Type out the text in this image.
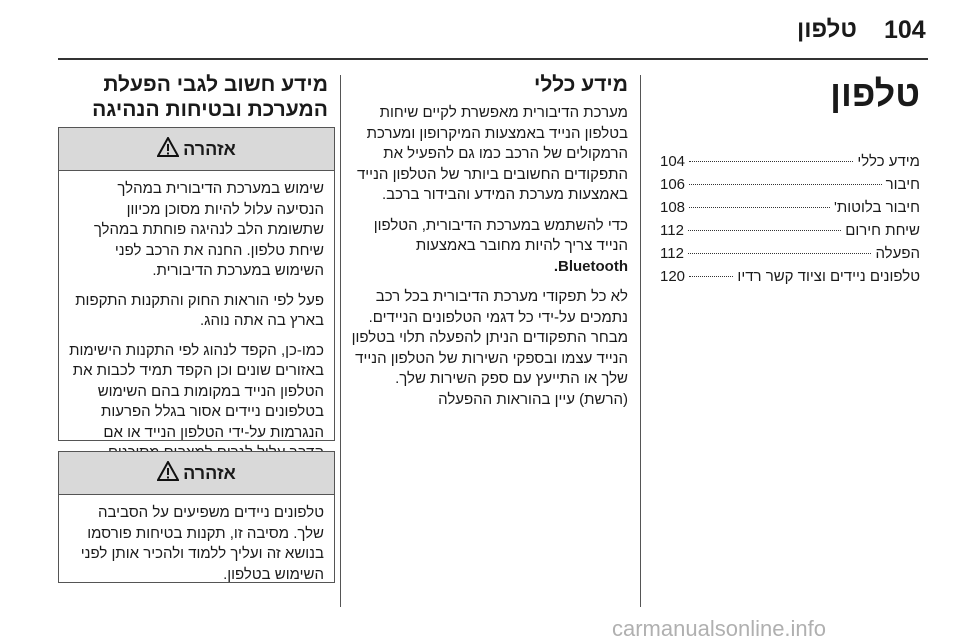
104
טלפון
טלפון
מידע כללי
104
חיבור
106
חיבור בלוטות'
108
שיחת חירום
112
הפעלה
112
טלפונים ניידים וציוד קשר רדיו
120
מידע כללי

מערכת הדיבורית מאפשרת לקיים שיחות בטלפון הנייד באמצעות המיקרופון ומערכת הרמקולים של הרכב כמו גם להפעיל את התפקודים החשובים ביותר של הטלפון הנייד באמצעות מערכת המידע והבידור ברכב.

כדי להשתמש במערכת הדיבורית, הטלפון הנייד צריך להיות מחובר באמצעות Bluetooth.

לא כל תפקודי מערכת הדיבורית בכל רכב נתמכים על-ידי כל דגמי הטלפונים הניידים. מבחר התפקודים הניתן להפעלה תלוי בטלפון הנייד עצמו ובספקי השירות של הטלפון הנייד שלך או התייעץ עם ספק השירות שלך. (הרשת) עיין בהוראות ההפעלה

מידע חשוב לגבי הפעלת המערכת ובטיחות הנהיגה
אזהרה

שימוש במערכת הדיבורית במהלך הנסיעה עלול להיות מסוכן מכיוון שתשומת הלב לנהיגה פוחתת במהלך שיחת טלפון. החנה את הרכב לפני השימוש במערכת הדיבורית.

פעל לפי הוראות החוק והתקנות התקפות בארץ בה אתה נוהג.

כמו-כן, הקפד לנהוג לפי התקנות הישימות באזורים שונים וכן הקפד תמיד לכבות את הטלפון הנייד במקומות בהם השימוש בטלפונים ניידים אסור בגלל הפרעות הנגרמות על-ידי הטלפון הנייד או אם

אזהרה

טלפונים ניידים משפיעים על הסביבה שלך. מסיבה זו, תקנות בטיחות פורסמו בנושא זה ועליך ללמוד ולהכיר אותן לפני השימוש בטלפון.

carmanualsonline.info
